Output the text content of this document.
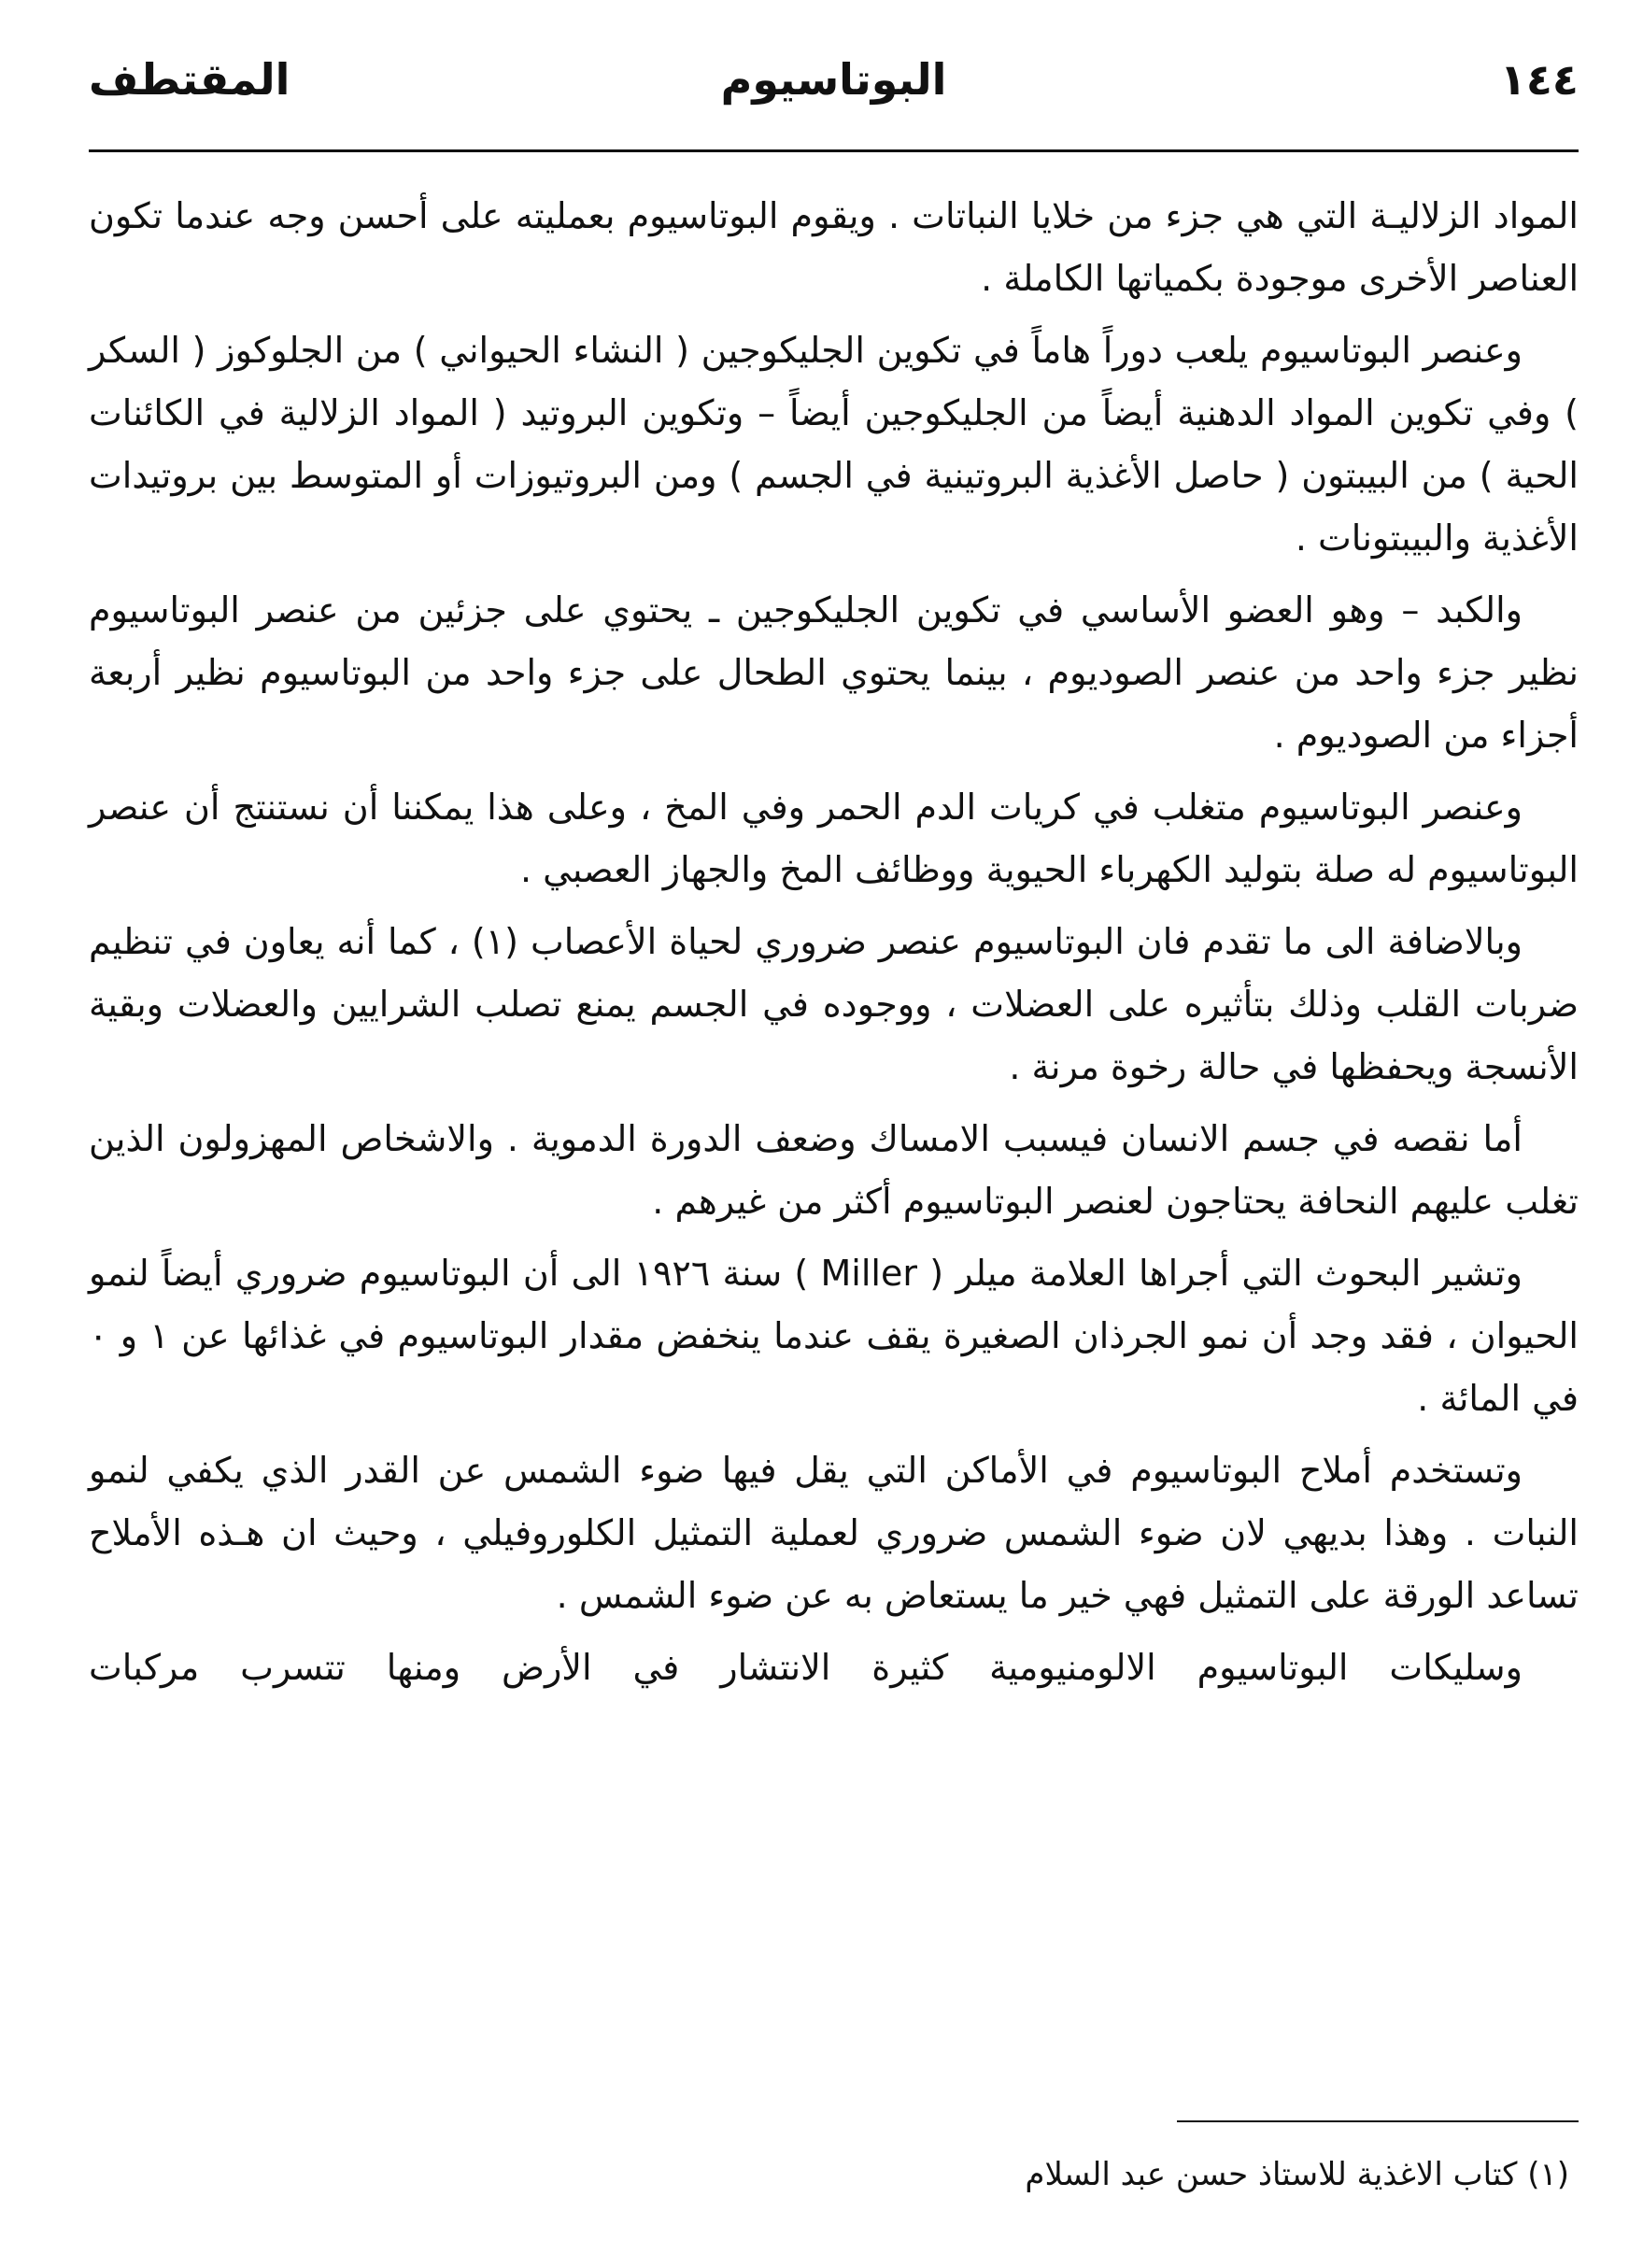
١٤٤
البوتاسيوم
المقتطف

المواد الزلاليـة التي هي جزء من خلايا النباتات . ويقوم البوتاسيوم بعمليته على أحسن وجه عندما تكون العناصر الأخرى موجودة بكمياتها الكاملة .

وعنصر البوتاسيوم يلعب دوراً هاماً في تكوين الجليكوجين ( النشاء الحيواني ) من الجلوكوز ( السكر ) وفي تكوين المواد الدهنية أيضاً من الجليكوجين أيضاً – وتكوين البروتيد ( المواد الزلالية في الكائنات الحية ) من البيبتون ( حاصل الأغذية البروتينية في الجسم ) ومن البروتيوزات أو المتوسط بين بروتيدات الأغذية والبيبتونات .

والكبد – وهو العضو الأساسي في تكوين الجليكوجين ـ يحتوي على جزئين من عنصر البوتاسيوم نظير جزء واحد من عنصر الصوديوم ، بينما يحتوي الطحال على جزء واحد من البوتاسيوم نظير أربعة أجزاء من الصوديوم .

وعنصر البوتاسيوم متغلب في كريات الدم الحمر وفي المخ ، وعلى هذا يمكننا أن نستنتج أن عنصر البوتاسيوم له صلة بتوليد الكهرباء الحيوية ووظائف المخ والجهاز العصبي .

وبالاضافة الى ما تقدم فان البوتاسيوم عنصر ضروري لحياة الأعصاب (١) ، كما أنه يعاون في تنظيم ضربات القلب وذلك بتأثيره على العضلات ، ووجوده في الجسم يمنع تصلب الشرايين والعضلات وبقية الأنسجة ويحفظها في حالة رخوة مرنة .

أما نقصه في جسم الانسان فيسبب الامساك وضعف الدورة الدموية . والاشخاص المهزولون الذين تغلب عليهم النحافة يحتاجون لعنصر البوتاسيوم أكثر من غيرهم .

وتشير البحوث التي أجراها العلامة ميلر ( Miller ) سنة ١٩٢٦ الى أن البوتاسيوم ضروري أيضاً لنمو الحيوان ، فقد وجد أن نمو الجرذان الصغيرة يقف عندما ينخفض مقدار البوتاسيوم في غذائها عن ١ و ٠ في المائة .

وتستخدم أملاح البوتاسيوم في الأماكن التي يقل فيها ضوء الشمس عن القدر الذي يكفي لنمو النبات . وهذا بديهي لان ضوء الشمس ضروري لعملية التمثيل الكلوروفيلي ، وحيث ان هـذه الأملاح تساعد الورقة على التمثيل فهي خير ما يستعاض به عن ضوء الشمس .

وسليكات البوتاسيوم الالومنيومية كثيرة الانتشار في الأرض ومنها تتسرب مركبات

(١) كتاب الاغذية للاستاذ حسن عبد السلام
